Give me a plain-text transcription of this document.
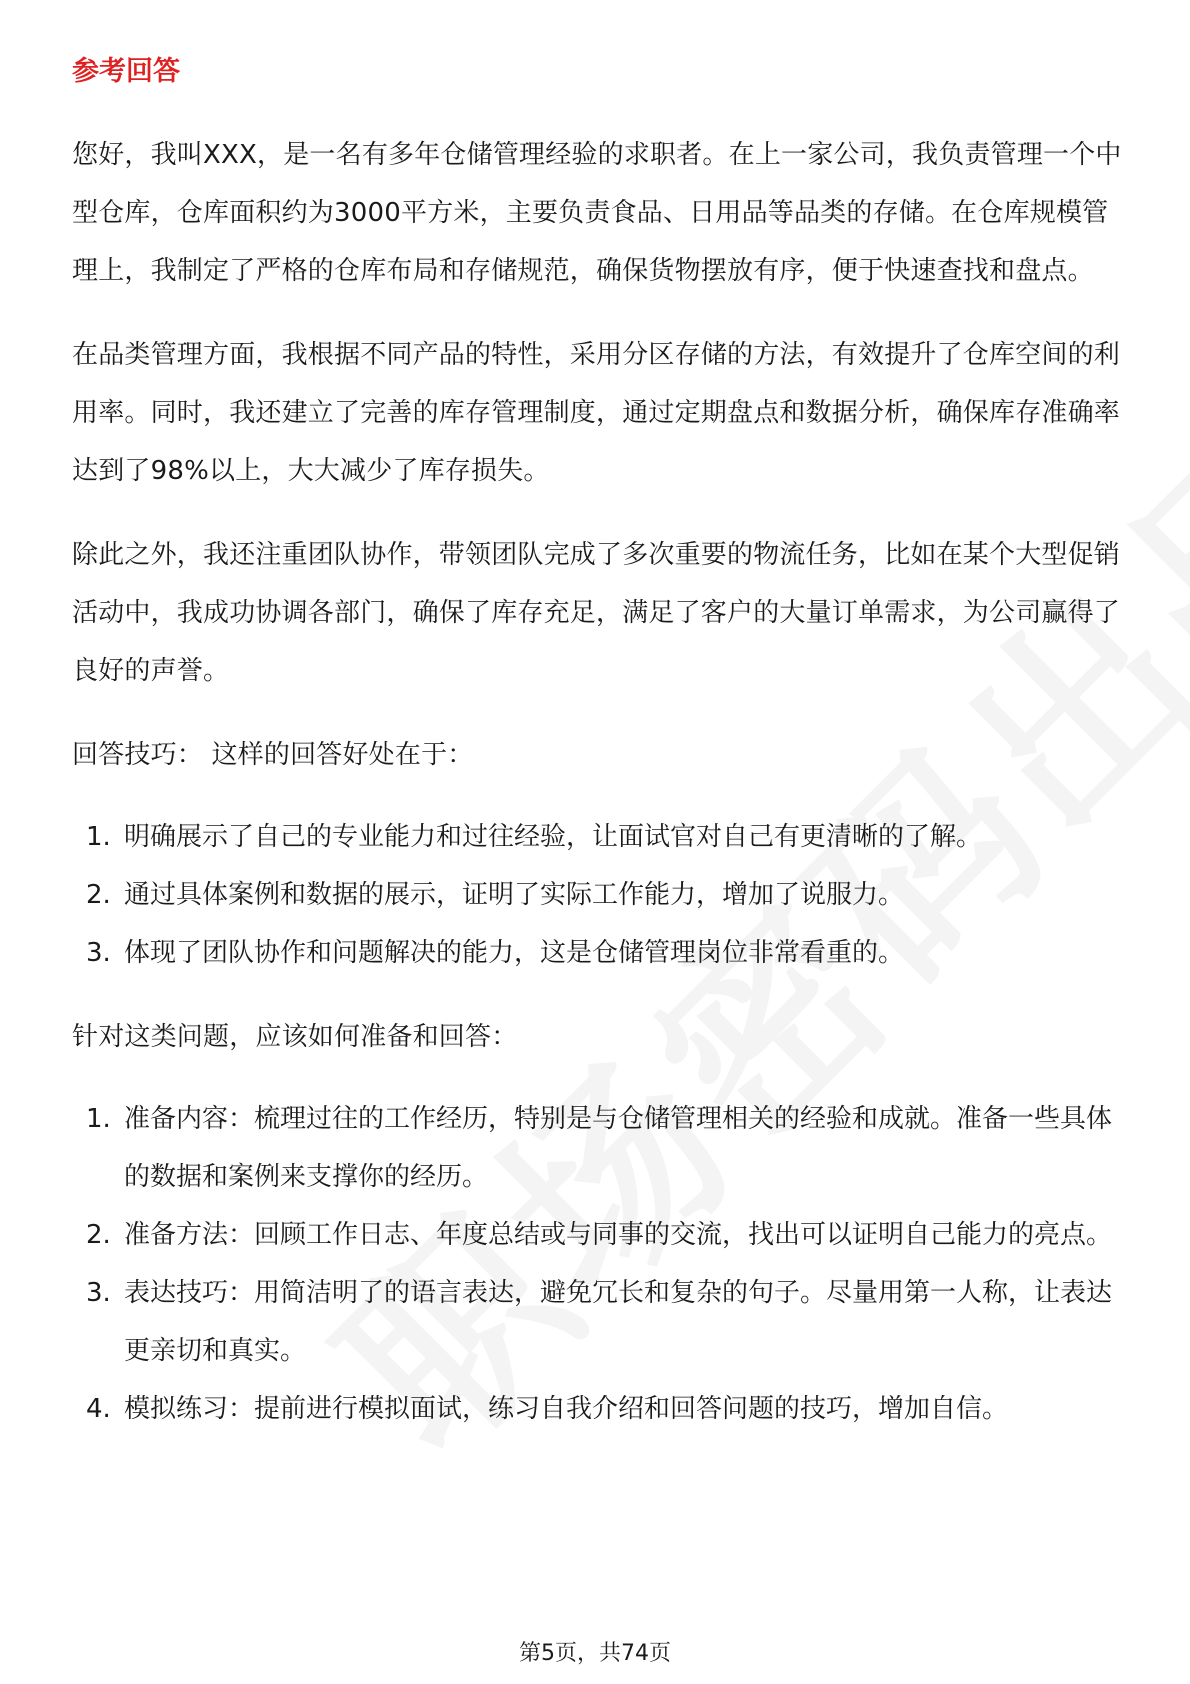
参考回答

您好，我叫XXX，是一名有多年仓储管理经验的求职者。在上一家公司，我负责管理一个中型仓库，仓库面积约为3000平方米，主要负责食品、日用品等品类的存储。在仓库规模管理上，我制定了严格的仓库布局和存储规范，确保货物摆放有序，便于快速查找和盘点。

在品类管理方面，我根据不同产品的特性，采用分区存储的方法，有效提升了仓库空间的利用率。同时，我还建立了完善的库存管理制度，通过定期盘点和数据分析，确保库存准确率达到了98%以上，大大减少了库存损失。

除此之外，我还注重团队协作，带领团队完成了多次重要的物流任务，比如在某个大型促销活动中，我成功协调各部门，确保了库存充足，满足了客户的大量订单需求，为公司赢得了良好的声誉。

回答技巧： 这样的回答好处在于：

1. 明确展示了自己的专业能力和过往经验，让面试官对自己有更清晰的了解。
2. 通过具体案例和数据的展示，证明了实际工作能力，增加了说服力。
3. 体现了团队协作和问题解决的能力，这是仓储管理岗位非常看重的。

针对这类问题，应该如何准备和回答：

1. 准备内容：梳理过往的工作经历，特别是与仓储管理相关的经验和成就。准备一些具体的数据和案例来支撑你的经历。
2. 准备方法：回顾工作日志、年度总结或与同事的交流，找出可以证明自己能力的亮点。
3. 表达技巧：用简洁明了的语言表达，避免冗长和复杂的句子。尽量用第一人称，让表达更亲切和真实。
4. 模拟练习：提前进行模拟面试，练习自我介绍和回答问题的技巧，增加自信。
第5页，共74页
